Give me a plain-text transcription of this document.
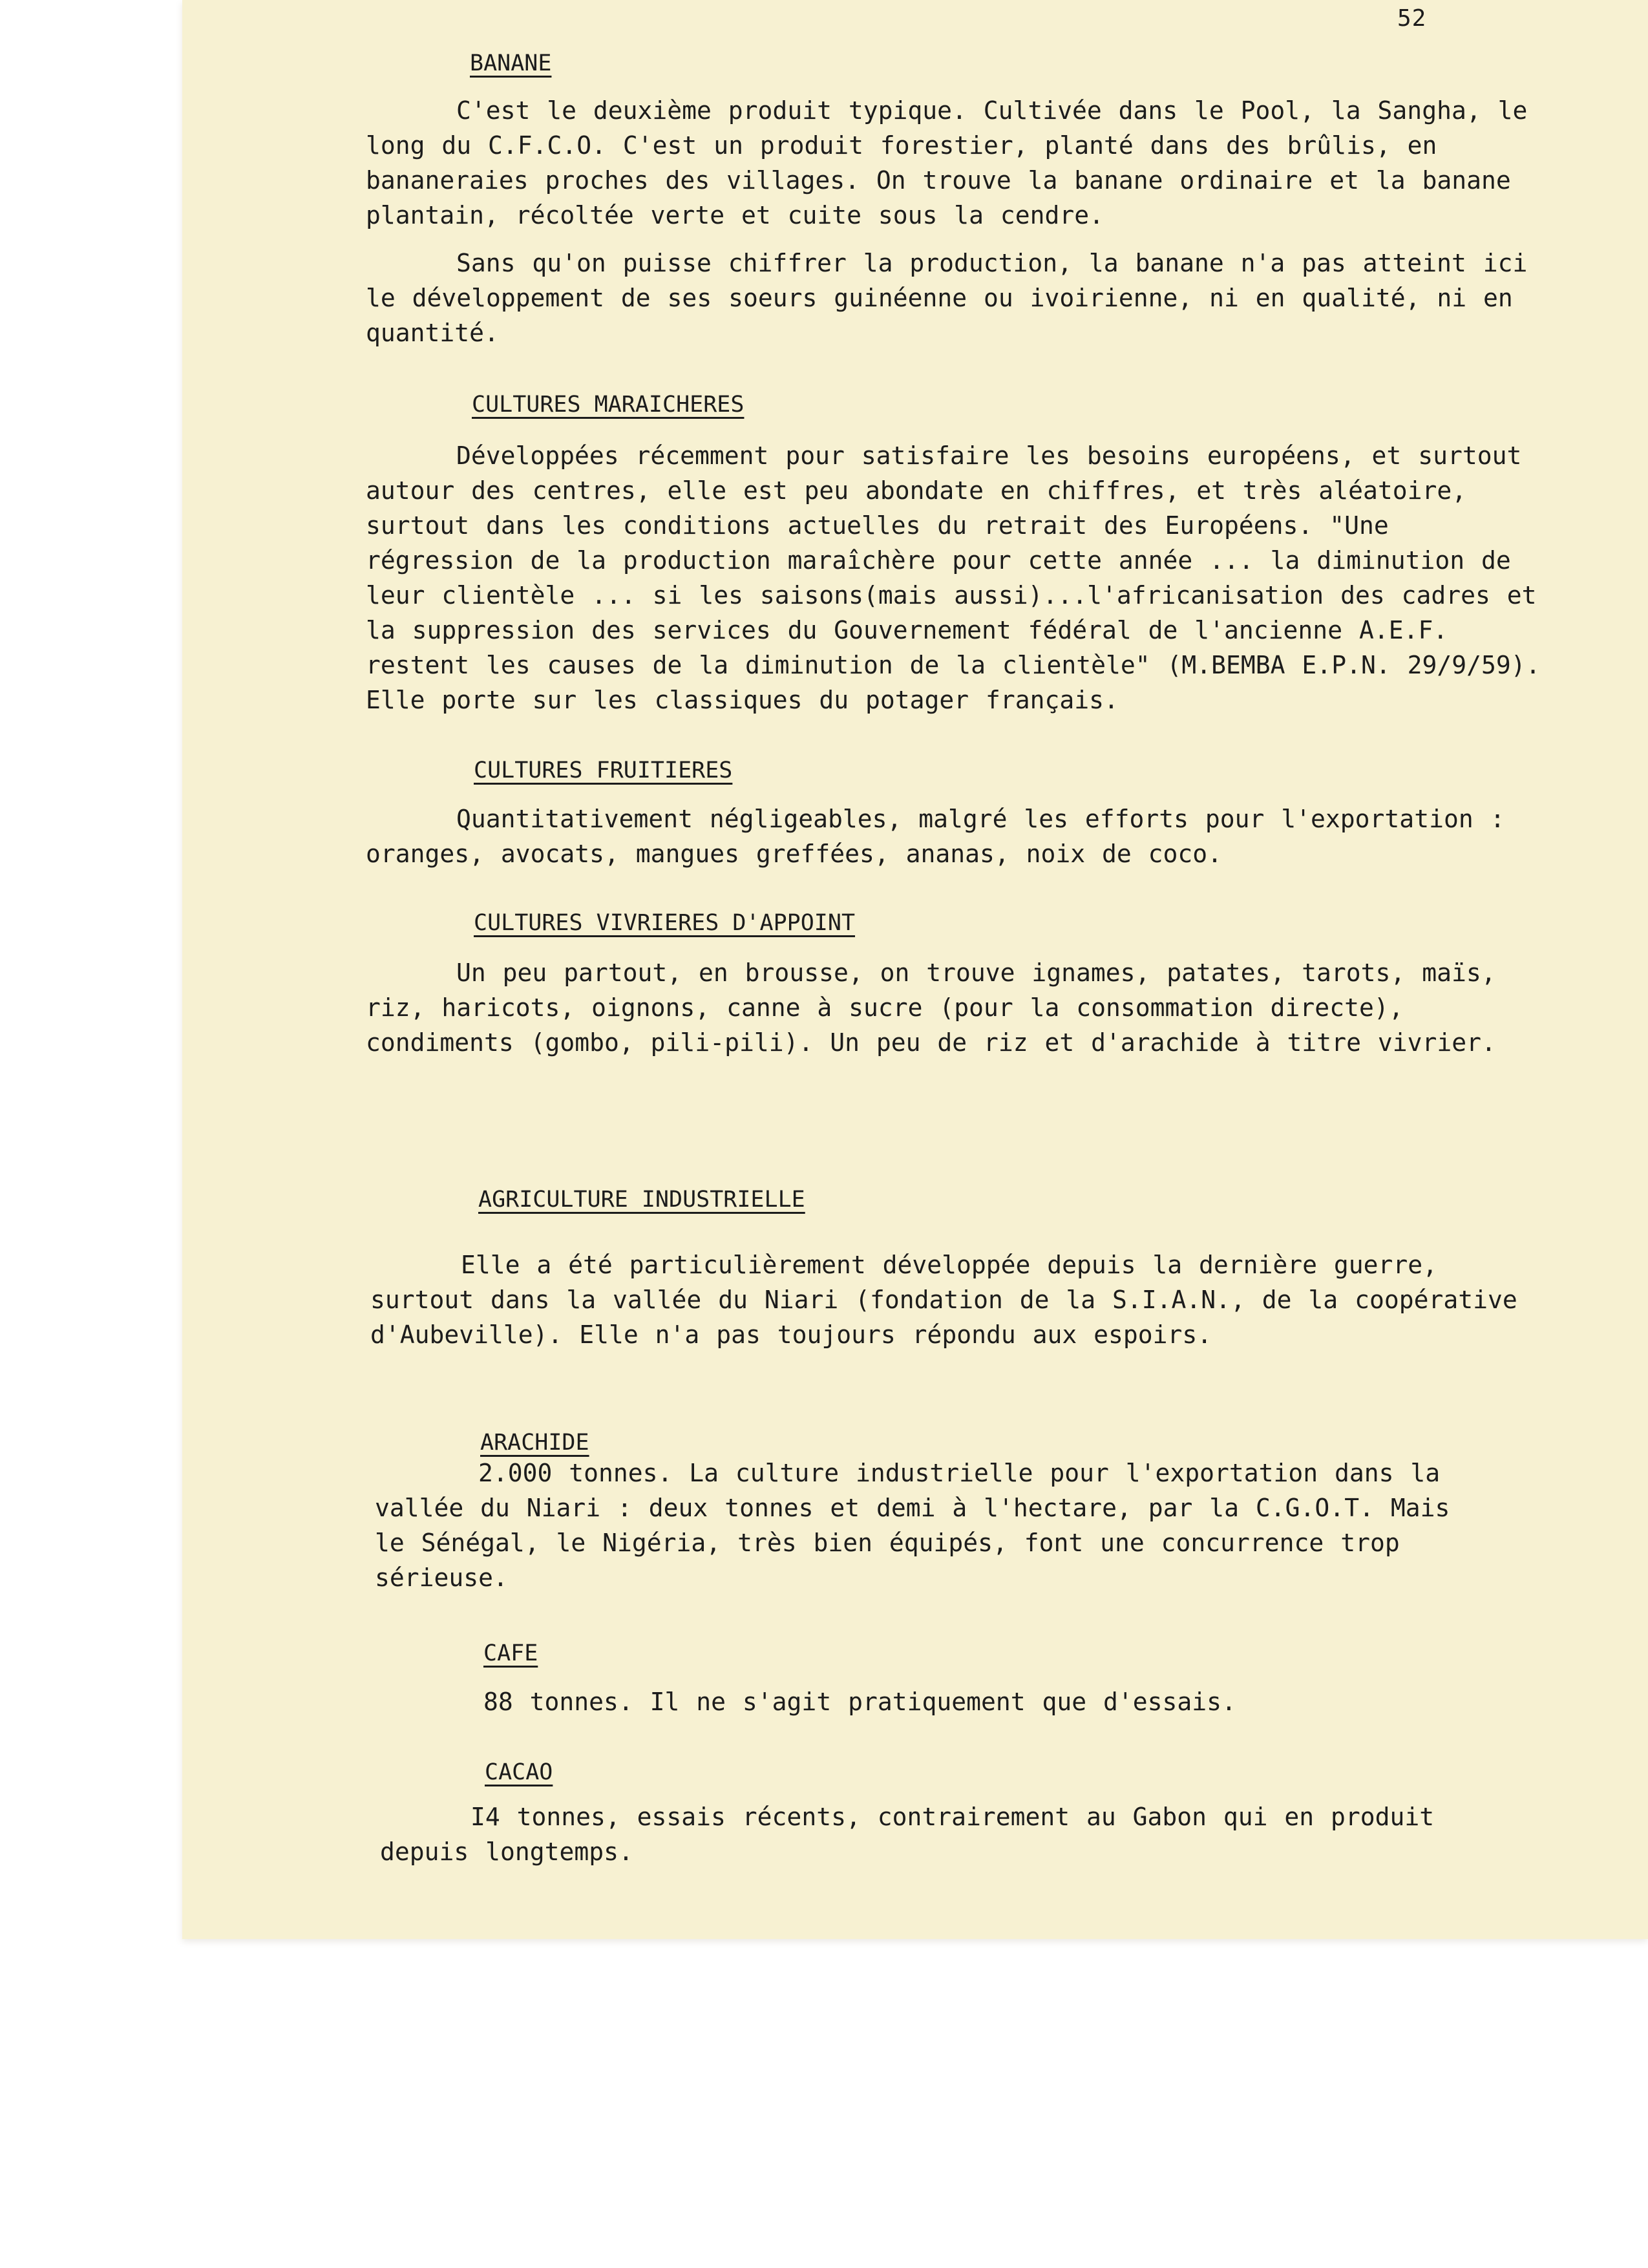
52
BANANE
C'est le deuxième produit typique. Cultivée dans le Pool, la Sangha, le long du C.F.C.O. C'est un produit forestier, planté dans des brûlis, en bananeraies proches des villages. On trouve la banane ordinaire et la banane plantain, récoltée verte et cuite sous la cendre.
Sans qu'on puisse chiffrer la production, la banane n'a pas atteint ici le développement de ses soeurs guinéenne ou ivoirienne, ni en qualité, ni en quantité.
CULTURES MARAICHERES
Développées récemment pour satisfaire les besoins européens, et surtout autour des centres, elle est peu abondate en chiffres, et très aléatoire, surtout dans les conditions actuelles du retrait des Européens. "Une régression de la production maraîchère pour cette année ... la diminution de leur clientèle ... si les saisons(mais aussi)...l'africanisation des cadres et la suppression des services du Gouvernement fédéral de l'ancienne A.E.F. restent les causes de la diminution de la clientèle" (M.BEMBA E.P.N. 29/9/59). Elle porte sur les classiques du potager français.
CULTURES FRUITIERES
Quantitativement négligeables, malgré les efforts pour l'exportation : oranges, avocats, mangues greffées, ananas, noix de coco.
CULTURES VIVRIERES D'APPOINT
Un peu partout, en brousse, on trouve ignames, patates, tarots, maïs, riz, haricots, oignons, canne à sucre (pour la consommation directe), condiments (gombo, pili-pili). Un peu de riz et d'arachide à titre vivrier.
AGRICULTURE INDUSTRIELLE
Elle a été particulièrement développée depuis la dernière guerre, surtout dans la vallée du Niari (fondation de la S.I.A.N., de la coopérative d'Aubeville). Elle n'a pas toujours répondu aux espoirs.
ARACHIDE
2.000 tonnes. La culture industrielle pour l'exportation dans la vallée du Niari : deux tonnes et demi à l'hectare, par la C.G.O.T. Mais le Sénégal, le Nigéria, très bien équipés, font une concurrence trop sérieuse.
CAFE
88 tonnes. Il ne s'agit pratiquement que d'essais.
CACAO
I4 tonnes, essais récents, contrairement au Gabon qui en produit depuis longtemps.
